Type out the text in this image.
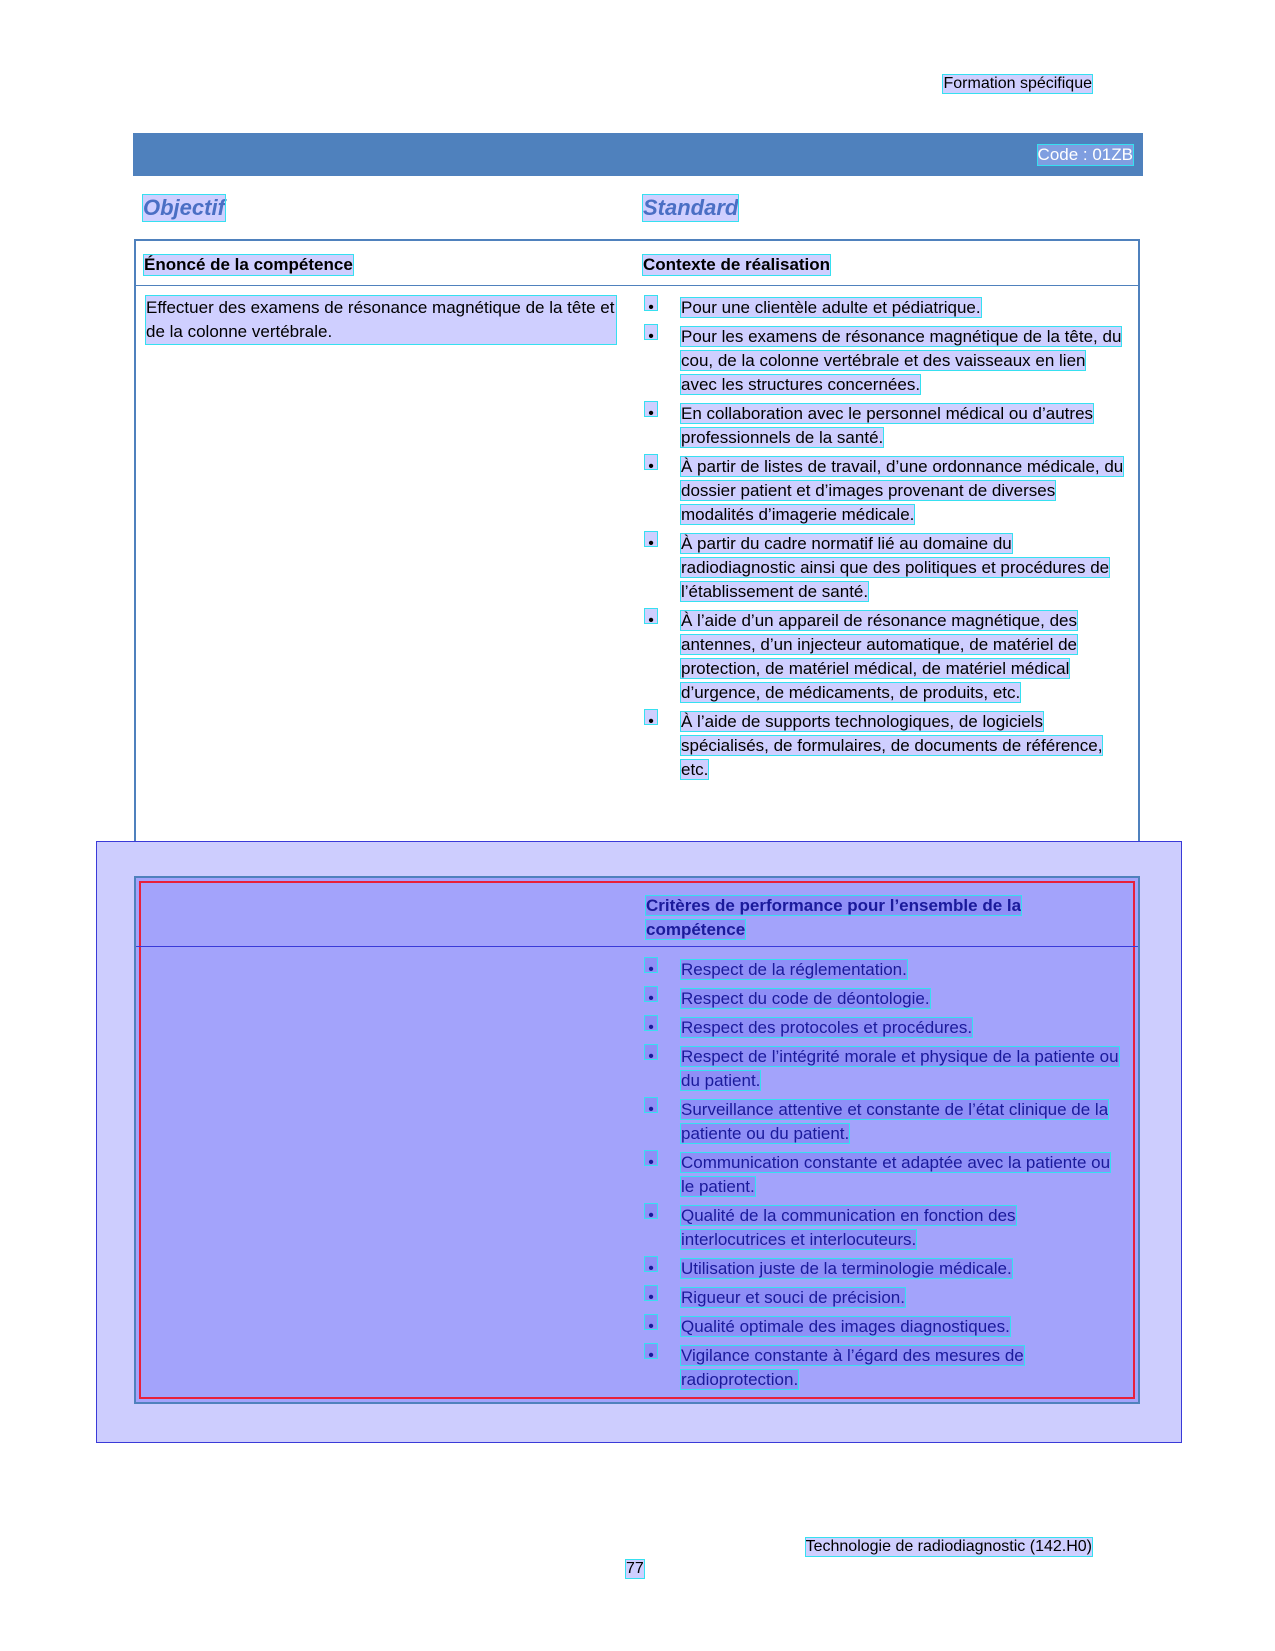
Formation spécifique
Code : 01ZB
Objectif	Standard
Énoncé de la compétence	Contexte de réalisation
Effectuer des examens de résonance magnétique de la tête et de la colonne vertébrale.
• Pour une clientèle adulte et pédiatrique.
• Pour les examens de résonance magnétique de la tête, du cou, de la colonne vertébrale et des vaisseaux en lien avec les structures concernées.
• En collaboration avec le personnel médical ou d’autres professionnels de la santé.
• À partir de listes de travail, d’une ordonnance médicale, du dossier patient et d’images provenant de diverses modalités d’imagerie médicale.
• À partir du cadre normatif lié au domaine du radiodiagnostic ainsi que des politiques et procédures de l’établissement de santé.
• À l’aide d’un appareil de résonance magnétique, des antennes, d’un injecteur automatique, de matériel de protection, de matériel médical, de matériel médical d’urgence, de médicaments, de produits, etc.
• À l’aide de supports technologiques, de logiciels spécialisés, de formulaires, de documents de référence, etc.
Critères de performance pour l’ensemble de la compétence
• Respect de la réglementation.
• Respect du code de déontologie.
• Respect des protocoles et procédures.
• Respect de l’intégrité morale et physique de la patiente ou du patient.
• Surveillance attentive et constante de l’état clinique de la patiente ou du patient.
• Communication constante et adaptée avec la patiente ou le patient.
• Qualité de la communication en fonction des interlocutrices et interlocuteurs.
• Utilisation juste de la terminologie médicale.
• Rigueur et souci de précision.
• Qualité optimale des images diagnostiques.
• Vigilance constante à l’égard des mesures de radioprotection.
Technologie de radiodiagnostic (142.H0)
77
